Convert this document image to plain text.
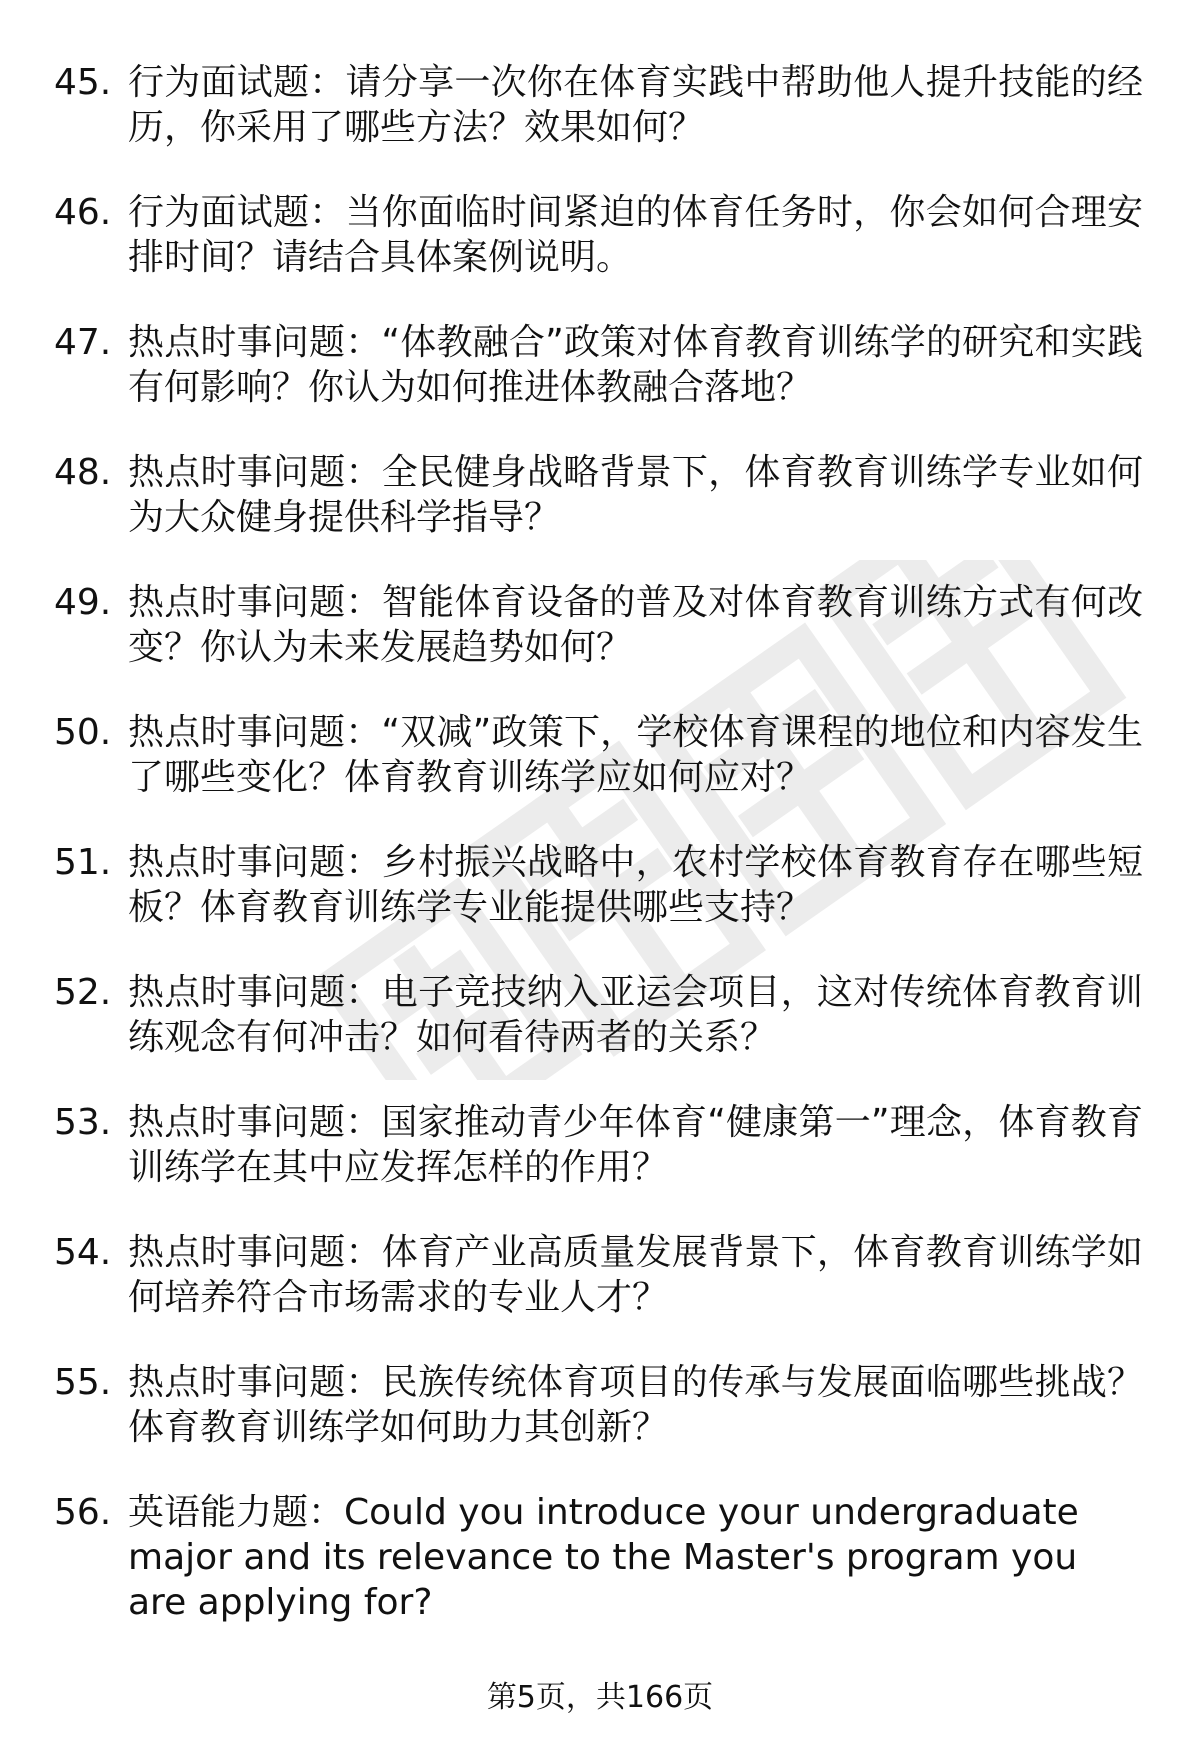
45. 行为面试题：请分享一次你在体育实践中帮助他人提升技能的经历，你采用了哪些方法？效果如何？
46. 行为面试题：当你面临时间紧迫的体育任务时，你会如何合理安排时间？请结合具体案例说明。
47. 热点时事问题：“体教融合”政策对体育教育训练学的研究和实践有何影响？你认为如何推进体教融合落地？
48. 热点时事问题：全民健身战略背景下，体育教育训练学专业如何为大众健身提供科学指导？
49. 热点时事问题：智能体育设备的普及对体育教育训练方式有何改变？你认为未来发展趋势如何？
50. 热点时事问题：“双减”政策下，学校体育课程的地位和内容发生了哪些变化？体育教育训练学应如何应对？
51. 热点时事问题：乡村振兴战略中，农村学校体育教育存在哪些短板？体育教育训练学专业能提供哪些支持？
52. 热点时事问题：电子竞技纳入亚运会项目，这对传统体育教育训练观念有何冲击？如何看待两者的关系？
53. 热点时事问题：国家推动青少年体育“健康第一”理念，体育教育训练学在其中应发挥怎样的作用？
54. 热点时事问题：体育产业高质量发展背景下，体育教育训练学如何培养符合市场需求的专业人才？
55. 热点时事问题：民族传统体育项目的传承与发展面临哪些挑战？体育教育训练学如何助力其创新？
56. 英语能力题：Could you introduce your undergraduate major and its relevance to the Master's program you are applying for?
第5页，共166页
